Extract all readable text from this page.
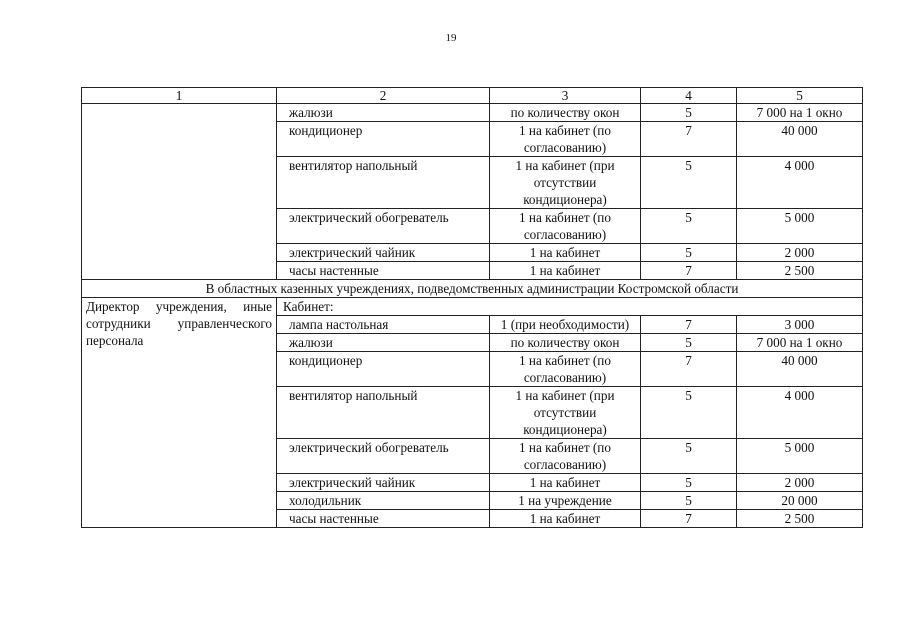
19
1	2	3	4	5
	жалюзи	по количеству окон	5	7 000 на 1 окно
	кондиционер	1 на кабинет (по согласованию)	7	40 000
	вентилятор напольный	1 на кабинет (при отсутствии кондиционера)	5	4 000
	электрический обогреватель	1 на кабинет (по согласованию)	5	5 000
	электрический чайник	1 на кабинет	5	2 000
	часы настенные	1 на кабинет	7	2 500
В областных казенных учреждениях, подведомственных администрации Костромской области				
Директор учреждения, иные сотрудники управленческого персонала	Кабинет:			
	лампа настольная	1 (при необходимости)	7	3 000
	жалюзи	по количеству окон	5	7 000 на 1 окно
	кондиционер	1 на кабинет (по согласованию)	7	40 000
	вентилятор напольный	1 на кабинет (при отсутствии кондиционера)	5	4 000
	электрический обогреватель	1 на кабинет (по согласованию)	5	5 000
	электрический чайник	1 на кабинет	5	2 000
	холодильник	1 на учреждение	5	20 000
	часы настенные	1 на кабинет	7	2 500
